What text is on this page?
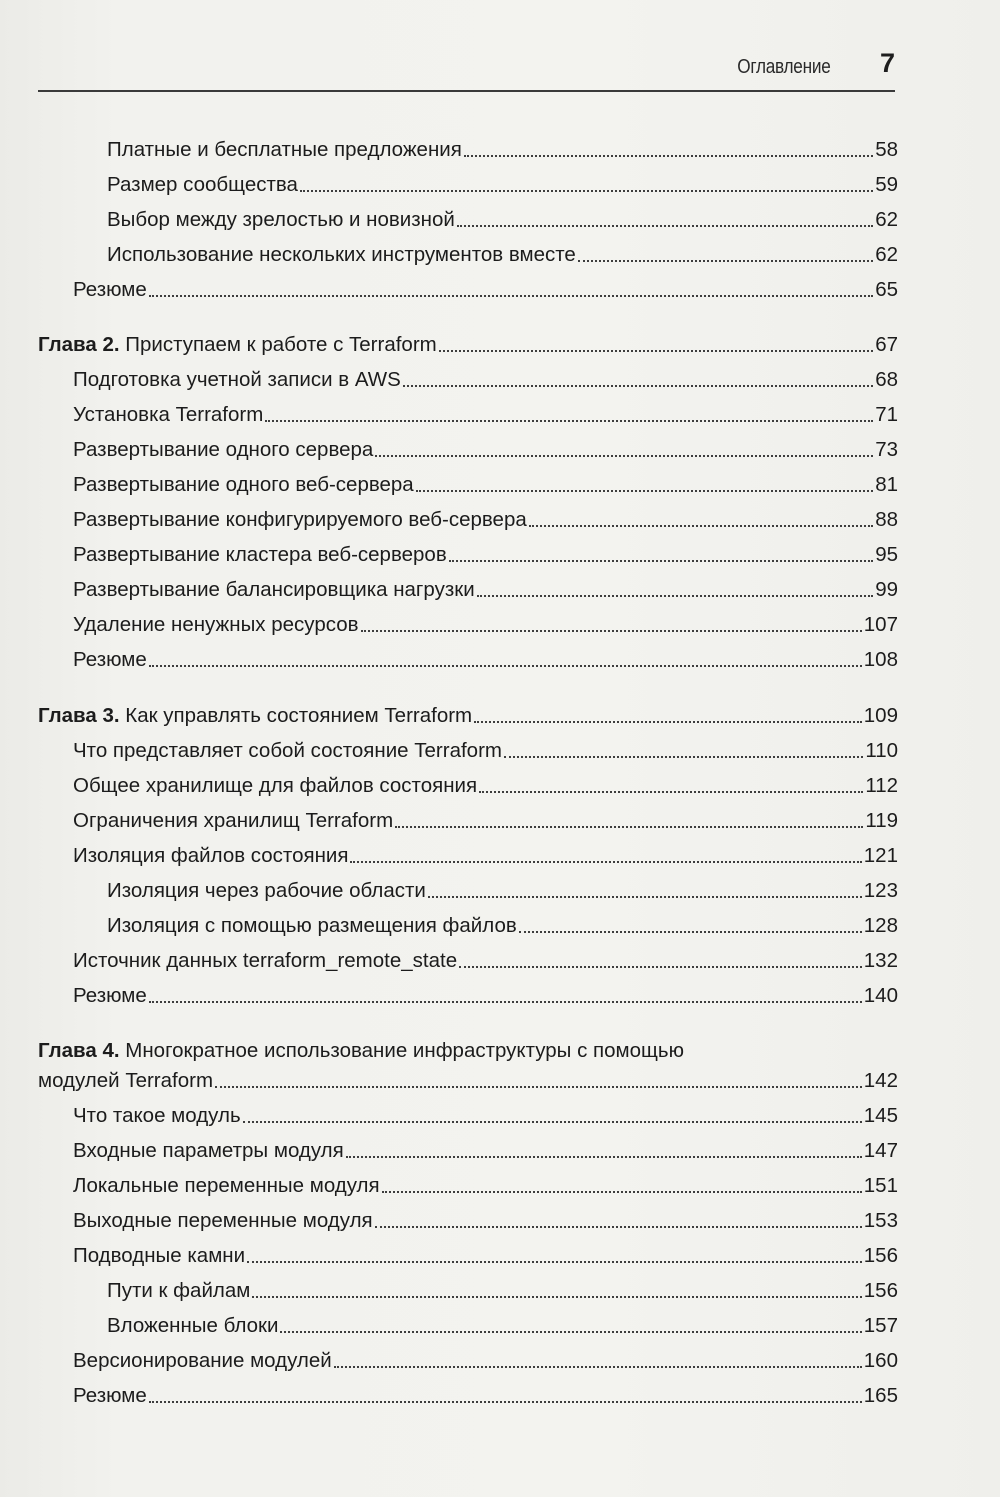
Оглавление 7
Платные и бесплатные предложения	58
Размер сообщества	59
Выбор между зрелостью и новизной	62
Использование нескольких инструментов вместе	62
Резюме	65
Глава 2. Приступаем к работе с Terraform	67
Подготовка учетной записи в AWS	68
Установка Terraform	71
Развертывание одного сервера	73
Развертывание одного веб-сервера	81
Развертывание конфигурируемого веб-сервера	88
Развертывание кластера веб-серверов	95
Развертывание балансировщика нагрузки	99
Удаление ненужных ресурсов	107
Резюме	108
Глава 3. Как управлять состоянием Terraform	109
Что представляет собой состояние Terraform	110
Общее хранилище для файлов состояния	112
Ограничения хранилищ Terraform	119
Изоляция файлов состояния	121
Изоляция через рабочие области	123
Изоляция с помощью размещения файлов	128
Источник данных terraform_remote_state	132
Резюме	140
Глава 4. Многократное использование инфраструктуры с помощью
модулей Terraform	142
Что такое модуль	145
Входные параметры модуля	147
Локальные переменные модуля	151
Выходные переменные модуля	153
Подводные камни	156
Пути к файлам	156
Вложенные блоки	157
Версионирование модулей	160
Резюме	165
